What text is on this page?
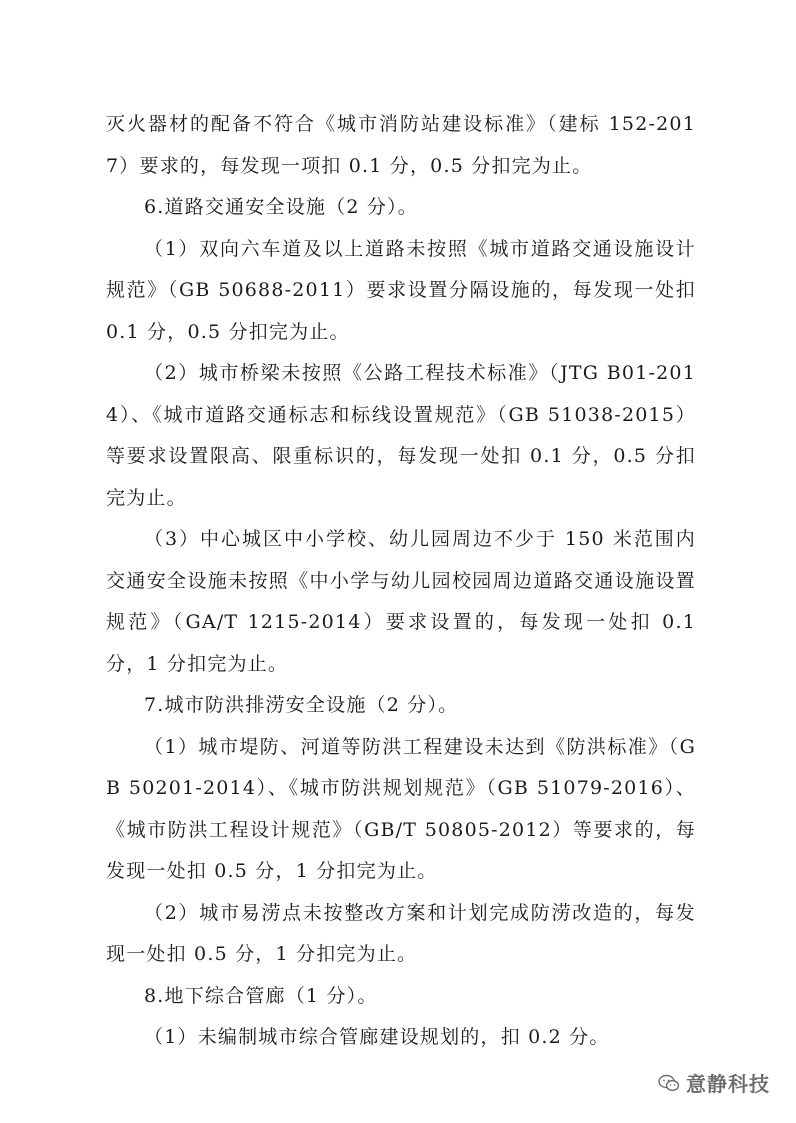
灭火器材的配备不符合《城市消防站建设标准》（建标 152-2017）要求的，每发现一项扣 0.1 分，0.5 分扣完为止。

6.道路交通安全设施（2 分）。

（1）双向六车道及以上道路未按照《城市道路交通设施设计规范》（GB 50688-2011）要求设置分隔设施的，每发现一处扣 0.1 分，0.5 分扣完为止。

（2）城市桥梁未按照《公路工程技术标准》（JTG B01-2014）、《城市道路交通标志和标线设置规范》（GB 51038-2015）等要求设置限高、限重标识的，每发现一处扣 0.1 分，0.5 分扣完为止。

（3）中心城区中小学校、幼儿园周边不少于 150 米范围内交通安全设施未按照《中小学与幼儿园校园周边道路交通设施设置规范》（GA/T 1215-2014）要求设置的，每发现一处扣 0.1 分，1 分扣完为止。

7.城市防洪排涝安全设施（2 分）。

（1）城市堤防、河道等防洪工程建设未达到《防洪标准》（GB 50201-2014）、《城市防洪规划规范》（GB 51079-2016）、《城市防洪工程设计规范》（GB/T 50805-2012）等要求的，每发现一处扣 0.5 分，1 分扣完为止。

（2）城市易涝点未按整改方案和计划完成防涝改造的，每发现一处扣 0.5 分，1 分扣完为止。

8.地下综合管廊（1 分）。

（1）未编制城市综合管廊建设规划的，扣 0.2 分。

意静科技
